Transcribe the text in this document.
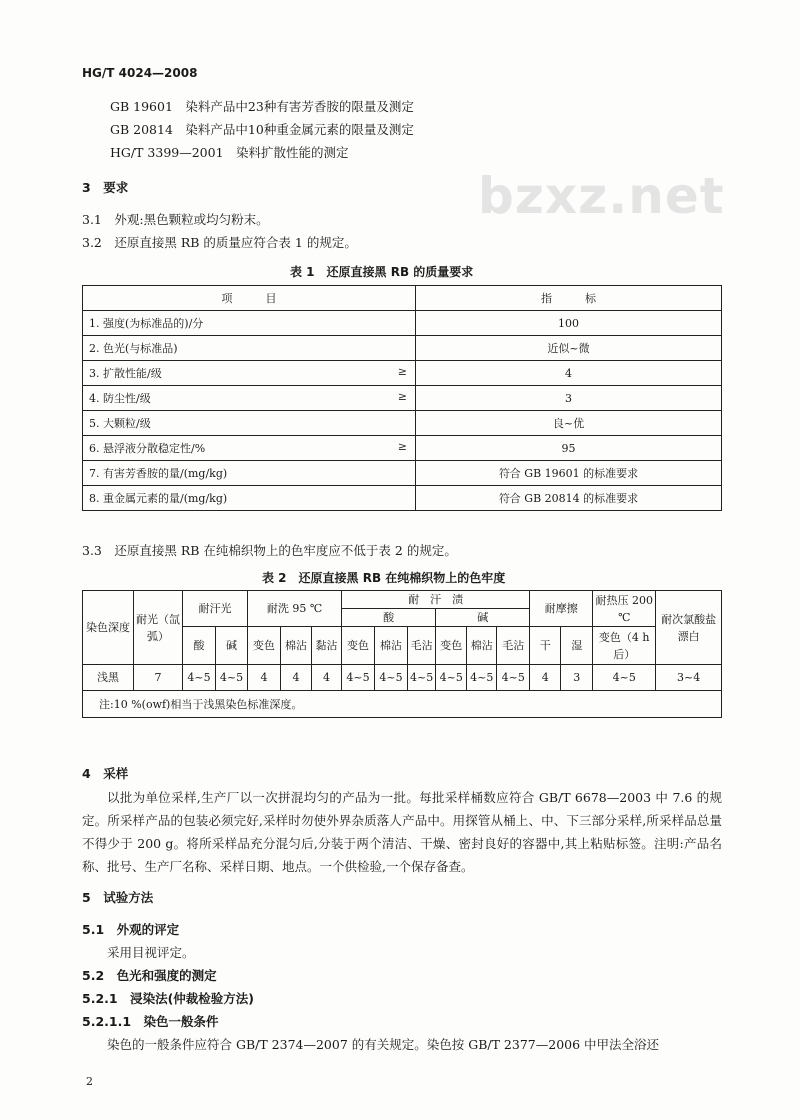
bzxz.net
HG/T 4024—2008
GB 19601　染料产品中23种有害芳香胺的限量及测定
GB 20814　染料产品中10种重金属元素的限量及测定
HG/T 3399—2001　染料扩散性能的测定
3　要求
3.1　外观:黑色颗粒或均匀粉末。
3.2　还原直接黑 RB 的质量应符合表 1 的规定。
表 1　还原直接黑 RB 的质量要求
项　　　目	指　　　标
1. 强度(为标准品的)/分	100
2. 色光(与标准品)	近似~微
3. 扩散性能/级 ≥	4
4. 防尘性/级 ≥	3
5. 大颗粒/级	良~优
6. 悬浮液分散稳定性/% ≥	95
7. 有害芳香胺的量/(mg/kg)	符合 GB 19601 的标准要求
8. 重金属元素的量/(mg/kg)	符合 GB 20814 的标准要求
3.3　还原直接黑 RB 在纯棉织物上的色牢度应不低于表 2 的规定。
表 2　还原直接黑 RB 在纯棉织物上的色牢度
染色深度	耐光（氙弧）	耐汗光		耐洗 95 ℃			耐　汗　渍						耐摩擦		耐热压 200 ℃	耐次氯酸盐漂白
							酸			碱						
		酸	碱	变色	棉沾	黏沾	变色	棉沾	毛沾	变色	棉沾	毛沾	干	湿	变色（4 h 后）	
浅黑	7	4~5	4~5	4	4	4	4~5	4~5	4~5	4~5	4~5	4~5	4	3	4~5	3~4
注:10 %(owf)相当于浅黑染色标准深度。																
4　采样
以批为单位采样,生产厂以一次拼混均匀的产品为一批。每批采样桶数应符合 GB/T 6678—2003 中 7.6 的规定。所采样产品的包装必须完好,采样时勿使外界杂质落人产品中。用探管从桶上、中、下三部分采样,所采样品总量不得少于 200 g。将所采样品充分混匀后,分装于两个清洁、干燥、密封良好的容器中,其上粘贴标签。注明:产品名称、批号、生产厂名称、采样日期、地点。一个供检验,一个保存备查。
5　试验方法
5.1　外观的评定
采用目视评定。
5.2　色光和强度的测定
5.2.1　浸染法(仲裁检验方法)
5.2.1.1　染色一般条件
染色的一般条件应符合 GB/T 2374—2007 的有关规定。染色按 GB/T 2377—2006 中甲法全浴还
2
